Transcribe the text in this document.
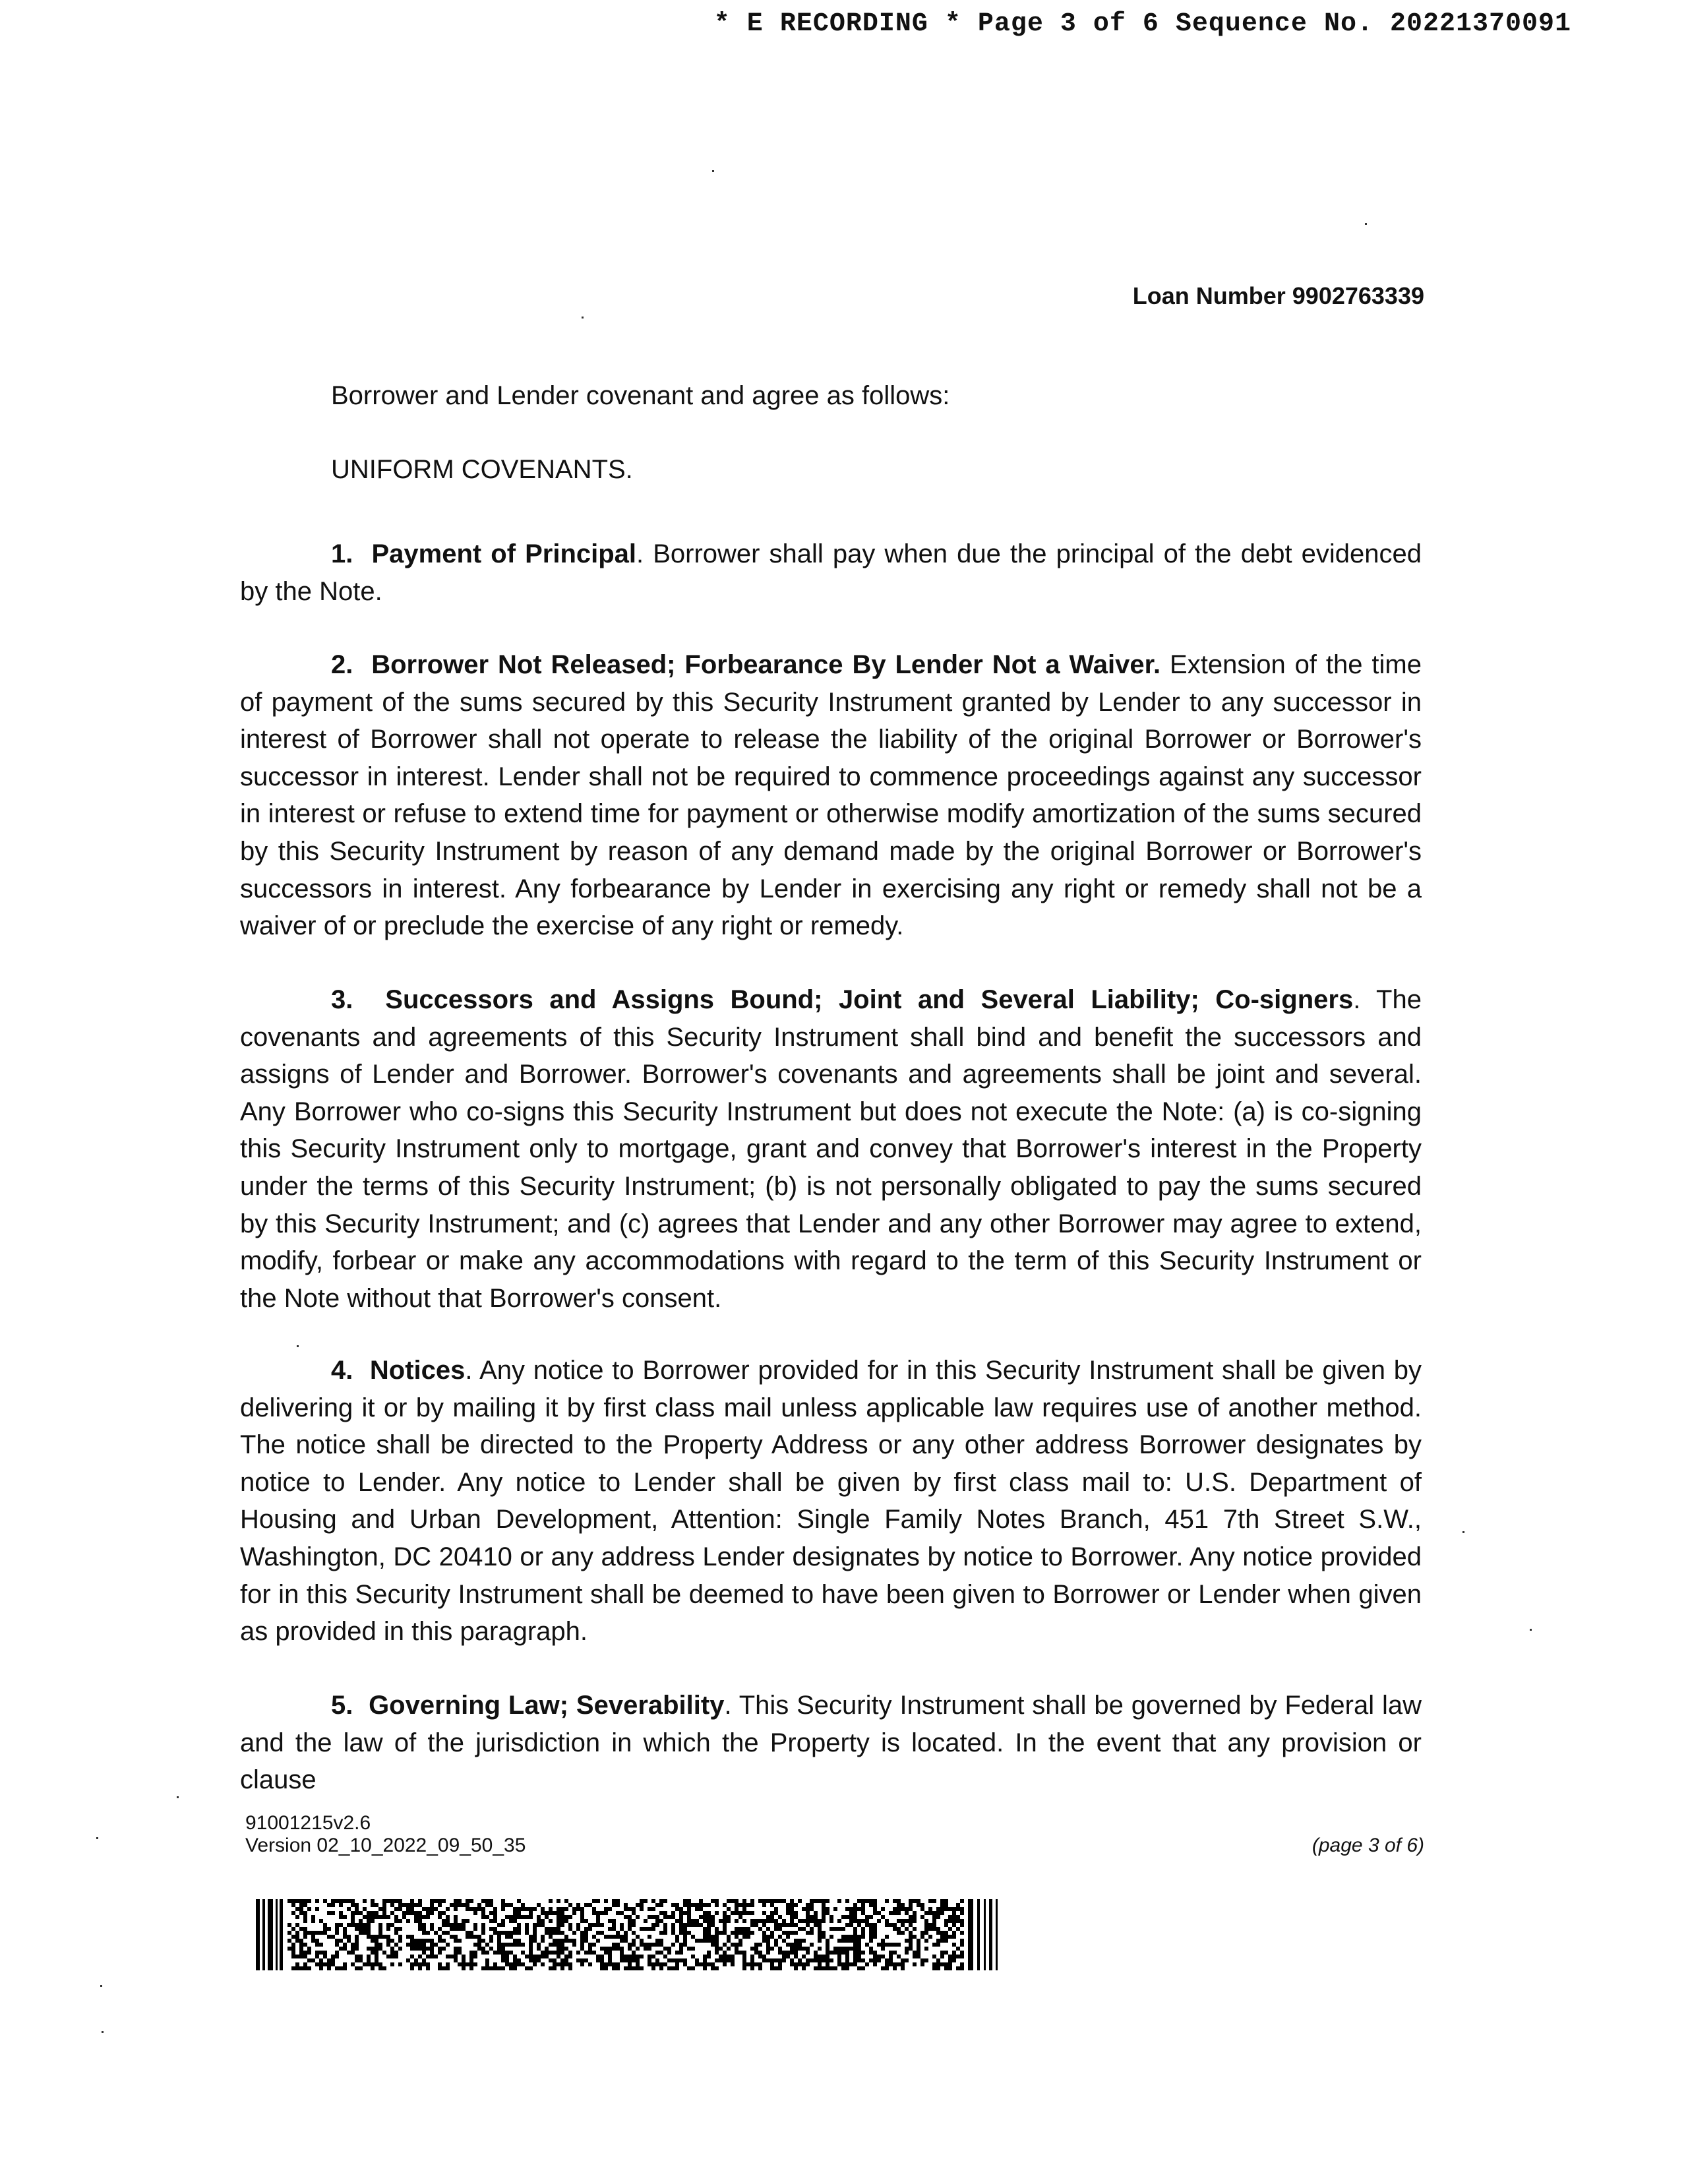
* E RECORDING * Page 3 of 6 Sequence No. 20221370091
Loan Number 9902763339
Borrower and Lender covenant and agree as follows:
UNIFORM COVENANTS.

1. Payment of Principal. Borrower shall pay when due the principal of the debt evidenced by the Note.

2. Borrower Not Released; Forbearance By Lender Not a Waiver. Extension of the time of payment of the sums secured by this Security Instrument granted by Lender to any successor in interest of Borrower shall not operate to release the liability of the original Borrower or Borrower's successor in interest. Lender shall not be required to commence proceedings against any successor in interest or refuse to extend time for payment or otherwise modify amortization of the sums secured by this Security Instrument by reason of any demand made by the original Borrower or Borrower's successors in interest. Any forbearance by Lender in exercising any right or remedy shall not be a waiver of or preclude the exercise of any right or remedy.

3. Successors and Assigns Bound; Joint and Several Liability; Co-signers. The covenants and agreements of this Security Instrument shall bind and benefit the successors and assigns of Lender and Borrower. Borrower's covenants and agreements shall be joint and several. Any Borrower who co-signs this Security Instrument but does not execute the Note: (a) is co-signing this Security Instrument only to mortgage, grant and convey that Borrower's interest in the Property under the terms of this Security Instrument; (b) is not personally obligated to pay the sums secured by this Security Instrument; and (c) agrees that Lender and any other Borrower may agree to extend, modify, forbear or make any accommodations with regard to the term of this Security Instrument or the Note without that Borrower's consent.

4. Notices. Any notice to Borrower provided for in this Security Instrument shall be given by delivering it or by mailing it by first class mail unless applicable law requires use of another method. The notice shall be directed to the Property Address or any other address Borrower designates by notice to Lender. Any notice to Lender shall be given by first class mail to: U.S. Department of Housing and Urban Development, Attention: Single Family Notes Branch, 451 7th Street S.W., Washington, DC 20410 or any address Lender designates by notice to Borrower. Any notice provided for in this Security Instrument shall be deemed to have been given to Borrower or Lender when given as provided in this paragraph.

5. Governing Law; Severability. This Security Instrument shall be governed by Federal law and the law of the jurisdiction in which the Property is located. In the event that any provision or clause

91001215v2.6
Version 02_10_2022_09_50_35	(page 3 of 6)
